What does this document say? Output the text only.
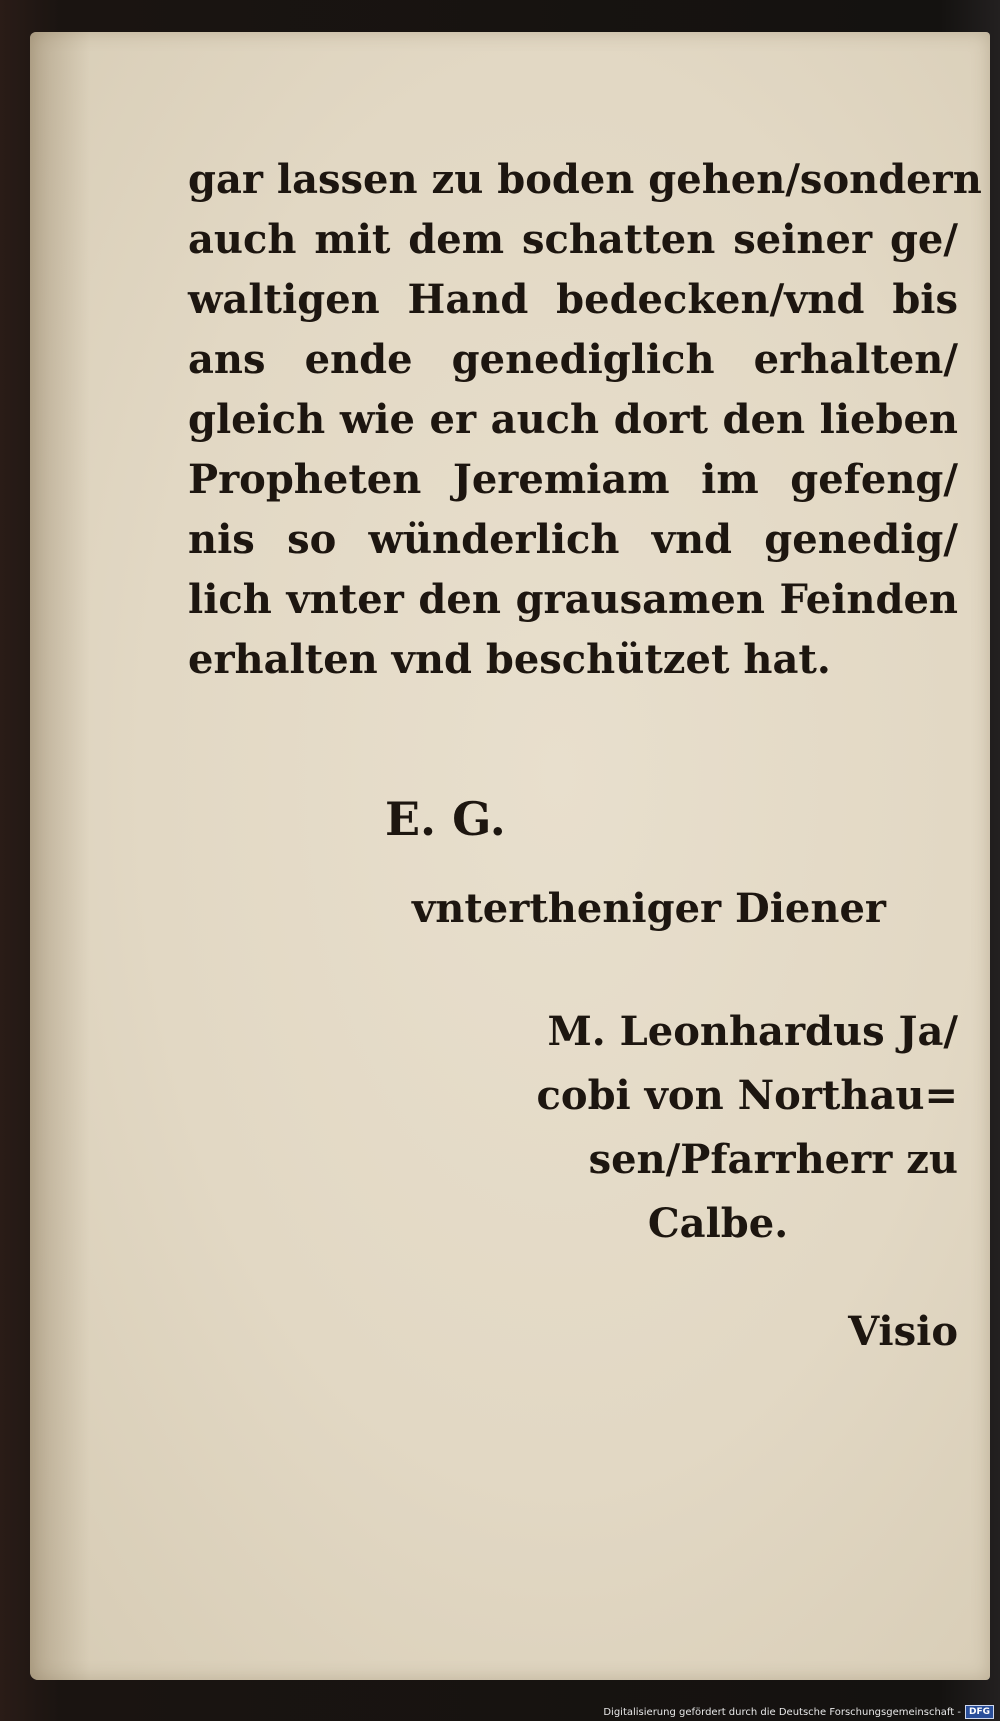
gar lassen zu boden gehen/sondern
auch mit dem schatten seiner ge/
waltigen Hand bedecken/vnd bis
ans ende genediglich erhalten/
gleich wie er auch dort den lieben
Propheten Jeremiam im gefeng/
nis so wünderlich vnd genedig/
lich vnter den grausamen Feinden
erhalten vnd beschützet hat.
E. G.
vntertheniger Diener
M. Leonhardus Ja/
cobi von Northau=
sen/Pfarrherr zu
Calbe.
Visio
Digitalisierung gefördert durch die Deutsche Forschungsgemeinschaft - DFG
